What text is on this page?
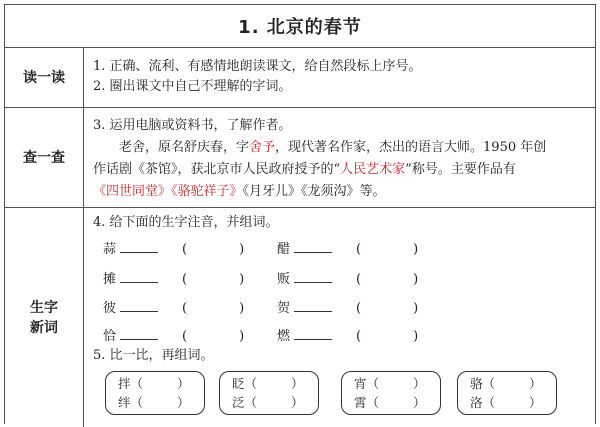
1. 北京的春节
读一读
1. 正确、流利、有感情地朗读课文，给自然段标上序号。
2. 圈出课文中自己不理解的字词。
查一查
3. 运用电脑或资料书，了解作者。
老舍，原名舒庆春，字舍予，现代著名作家，杰出的语言大师。1950 年创
作话剧《茶馆》，获北京市人民政府授予的“人民艺术家”称号。主要作品有
《四世同堂》《骆驼祥子》《月牙儿》《龙须沟》等。
生字
新词
4. 给下面的生字注音，并组词。
蒜	(　　　　)	醋	(　　　　)
摊	(　　　　)	贩	(　　　　)
彼	(　　　　)	贺	(　　　　)
恰	(　　　　)	燃	(　　　　)
5. 比一比，再组词。
拌（	）
绊（	）
眨（	）
泛（	）
宵（	）
霄（	）
骆（	）
洛（	）
